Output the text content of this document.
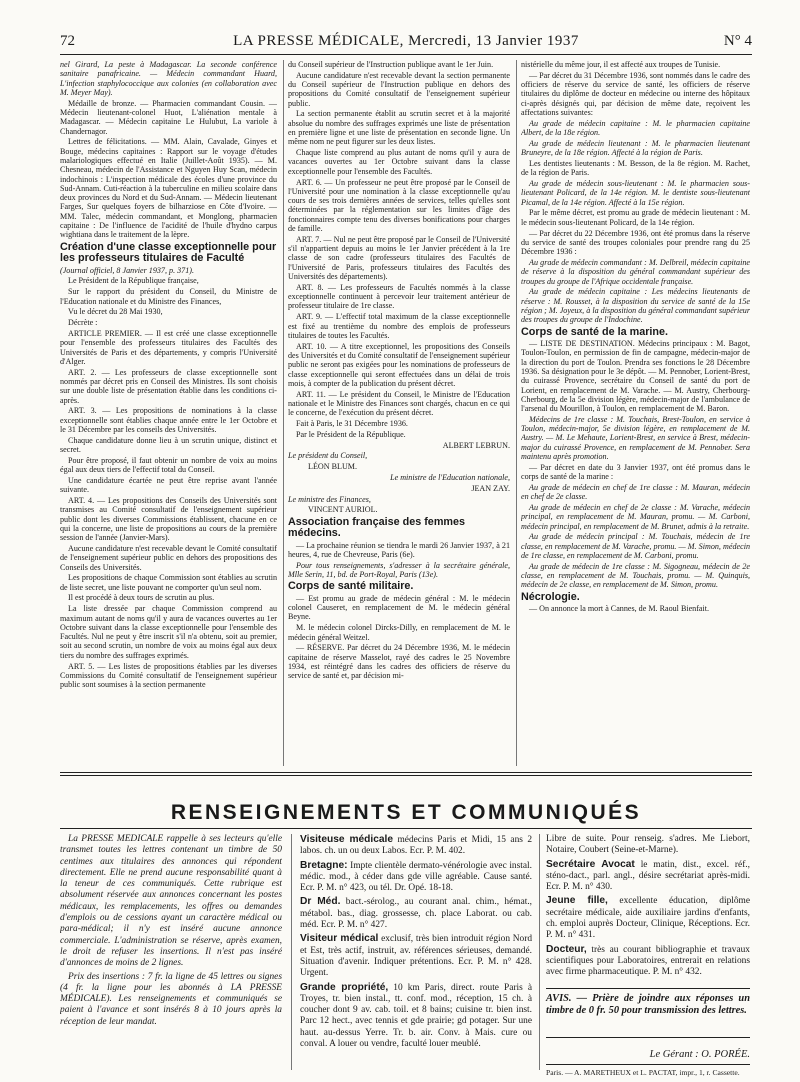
72	LA PRESSE MÉDICALE, Mercredi, 13 Janvier 1937	N° 4

nel Girard, La peste à Madagascar. La seconde conférence sanitaire panafricaine. — Médecin commandant Huard, L'infection staphylococcique aux colonies (en collaboration avec M. Meyer May).

Médaille de bronze. — Pharmacien commandant Cousin. — Médecin lieutenant-colonel Huot, L'aliénation mentale à Madagascar. — Médecin capitaine Le Hulubut, La variole à Chandernagor.

Lettres de félicitations. — MM. Alain, Cavalade, Ginyes et Bouge, médecins capitaines : Rapport sur le voyage d'études malariologiques effectué en Italie (Juillet-Août 1935). — M. Chesneau, médecin de l'Assistance et Nguyen Huy Scan, médecin indochinois : L'inspection médicale des écoles d'une province du Sud-Annam. Cuti-réaction à la tuberculine en milieu scolaire dans deux provinces du Nord et du Sud-Annam. — Médecin lieutenant Farges, Sur quelques foyers de bilharziose en Côte d'Ivoire. — MM. Talec, médecin commandant, et Monglong, pharmacien capitaine : De l'influence de l'acidité de l'huile d'hydno carpus wightiana dans le traitement de la lèpre.

Création d'une classe exceptionnelle pour les professeurs titulaires de Faculté

(Journal officiel, 8 Janvier 1937, p. 371).

Le Président de la République française,

Sur le rapport du président du Conseil, du Ministre de l'Education nationale et du Ministre des Finances,

Vu le décret du 28 Mai 1930,

Décrète :

ARTICLE PREMIER. — Il est créé une classe exceptionnelle pour l'ensemble des professeurs titulaires des Facultés des Universités de Paris et des départements, y compris l'Université d'Alger.

ART. 2. — Les professeurs de classe exceptionnelle sont nommés par décret pris en Conseil des Ministres. Ils sont choisis sur une double liste de présentation établie dans les conditions ci-après.

ART. 3. — Les propositions de nominations à la classe exceptionnelle sont établies chaque année entre le 1er Octobre et le 31 Décembre par les conseils des Universités.

Chaque candidature donne lieu à un scrutin unique, distinct et secret.

Pour être proposé, il faut obtenir un nombre de voix au moins égal aux deux tiers de l'effectif total du Conseil.

Une candidature écartée ne peut être reprise avant l'année suivante.

ART. 4. — Les propositions des Conseils des Universités sont transmises au Comité consultatif de l'enseignement supérieur public dont les diverses Commissions établissent, chacune en ce qui la concerne, une liste de propositions au cours de la première session de l'année (Janvier-Mars).

Aucune candidature n'est recevable devant le Comité consultatif de l'enseignement supérieur public en dehors des propositions des Conseils des Universités.

Les propositions de chaque Commission sont établies au scrutin de liste secret, une liste pouvant ne comporter qu'un seul nom.

Il est procédé à deux tours de scrutin au plus.

La liste dressée par chaque Commission comprend au maximum autant de noms qu'il y aura de vacances ouvertes au 1er Octobre suivant dans la classe exceptionnelle pour l'ensemble des Facultés. Nul ne peut y être inscrit s'il n'a obtenu, soit au premier, soit au second scrutin, un nombre de voix au moins égal aux deux tiers du nombre des suffrages exprimés.

ART. 5. — Les listes de propositions établies par les diverses Commissions du Comité consultatif de l'enseignement supérieur public sont soumises à la section permanente

du Conseil supérieur de l'Instruction publique avant le 1er Juin.

Aucune candidature n'est recevable devant la section permanente du Conseil supérieur de l'Instruction publique en dehors des propositions du Comité consultatif de l'enseignement supérieur public.

La section permanente établit au scrutin secret et à la majorité absolue du nombre des suffrages exprimés une liste de présentation en première ligne et une liste de présentation en seconde ligne. Un même nom ne peut figurer sur les deux listes.

Chaque liste comprend au plus autant de noms qu'il y aura de vacances ouvertes au 1er Octobre suivant dans la classe exceptionnelle pour l'ensemble des Facultés.

ART. 6. — Un professeur ne peut être proposé par le Conseil de l'Université pour une nomination à la classe exceptionnelle qu'au cours de ses trois dernières années de services, telles qu'elles sont déterminées par la réglementation sur les limites d'âge des fonctionnaires compte tenu des diverses bonifications pour charges de famille.

ART. 7. — Nul ne peut être proposé par le Conseil de l'Université s'il n'appartient depuis au moins le 1er Janvier précédent à la 1re classe de son cadre (professeurs titulaires des Facultés de l'Université de Paris, professeurs titulaires des Facultés des Universités des départements).

ART. 8. — Les professeurs de Facultés nommés à la classe exceptionnelle continuent à percevoir leur traitement antérieur de professeur titulaire de 1re classe.

ART. 9. — L'effectif total maximum de la classe exceptionnelle est fixé au trentième du nombre des emplois de professeurs titulaires de toutes les Facultés.

ART. 10. — A titre exceptionnel, les propositions des Conseils des Universités et du Comité consultatif de l'enseignement supérieur public ne seront pas exigées pour les nominations de professeurs de classe exceptionnelle qui seront effectuées dans un délai de trois mois, à compter de la publication du présent décret.

ART. 11. — Le président du Conseil, le Ministre de l'Education nationale et le Ministre des Finances sont chargés, chacun en ce qui le concerne, de l'exécution du présent décret.

Fait à Paris, le 31 Décembre 1936.

Par le Président de la République.

ALBERT LEBRUN.

Le président du Conseil,

LÉON BLUM.

Le ministre de l'Education nationale,

JEAN ZAY.

Le ministre des Finances,

VINCENT AURIOL.

Association française des femmes médecins.

— La prochaine réunion se tiendra le mardi 26 Janvier 1937, à 21 heures, 4, rue de Chevreuse, Paris (6e).

Pour tous renseignements, s'adresser à la secrétaire générale, Mlle Serin, 11, bd. de Port-Royal, Paris (13e).

Corps de santé militaire.

— Est promu au grade de médecin général : M. le médecin colonel Causeret, en remplacement de M. le médecin général Beyne.

M. le médecin colonel Dircks-Dilly, en remplacement de M. le médecin général Weitzel.

— RÉSERVE. Par décret du 24 Décembre 1936, M. le médecin capitaine de réserve Masselot, rayé des cadres le 25 Novembre 1934, est réintégré dans les cadres des officiers de réserve du service de santé et, par décision mi-

nistérielle du même jour, il est affecté aux troupes de Tunisie.

— Par décret du 31 Décembre 1936, sont nommés dans le cadre des officiers de réserve du service de santé, les officiers de réserve titulaires du diplôme de docteur en médecine ou interne des hôpitaux ci-après désignés qui, par décision de même date, reçoivent les affectations suivantes:

Au grade de médecin capitaine : M. le pharmacien capitaine Albert, de la 18e région.

Au grade de médecin lieutenant : M. le pharmacien lieutenant Bruneyre, de la 18e région. Affecté à la région de Paris.

Les dentistes lieutenants : M. Besson, de la 8e région. M. Rachet, de la région de Paris.

Au grade de médecin sous-lieutenant : M. le pharmacien sous-lieutenant Policard, de la 14e région. M. le dentiste sous-lieutenant Picamal, de la 14e région. Affecté à la 15e région.

Par le même décret, est promu au grade de médecin lieutenant : M. le médecin sous-lieutenant Policard, de la 14e région.

— Par décret du 22 Décembre 1936, ont été promus dans la réserve du service de santé des troupes coloniales pour prendre rang du 25 Décembre 1936 :

Au grade de médecin commandant : M. Delbreil, médecin capitaine de réserve à la disposition du général commandant supérieur des troupes du groupe de l'Afrique occidentale française.

Au grade de médecin capitaine : Les médecins lieutenants de réserve : M. Rousset, à la disposition du service de santé de la 15e région ; M. Joyeux, à la disposition du général commandant supérieur des troupes du groupe de l'Indochine.

Corps de santé de la marine.

— LISTE DE DESTINATION. Médecins principaux : M. Bagot, Toulon-Toulon, en permission de fin de campagne, médecin-major de la direction du port de Toulon. Prendra ses fonctions le 28 Décembre 1936. Sa désignation pour le 3e dépôt. — M. Pennober, Lorient-Brest, du cuirassé Provence, secrétaire du Conseil de santé du port de Lorient, en remplacement de M. Varache. — M. Austry, Cherbourg-Cherbourg, de la 5e division légère, médecin-major de l'ambulance de l'arsenal du Mourillon, à Toulon, en remplacement de M. Baron.

Médecins de 1re classe : M. Touchais, Brest-Toulon, en service à Toulon, médecin-major, 5e division légère, en remplacement de M. Austry. — M. Le Mehaute, Lorient-Brest, en service à Brest, médecin-major du cuirassé Provence, en remplacement de M. Pennober. Sera maintenu après promotion.

— Par décret en date du 3 Janvier 1937, ont été promus dans le corps de santé de la marine :

Au grade de médecin en chef de 1re classe : M. Mauran, médecin en chef de 2e classe.

Au grade de médecin en chef de 2e classe : M. Varache, médecin principal, en remplacement de M. Mauran, promu. — M. Carboni, médecin principal, en remplacement de M. Brunet, admis à la retraite.

Au grade de médecin principal : M. Touchais, médecin de 1re classe, en remplacement de M. Varache, promu. — M. Simon, médecin de 1re classe, en remplacement de M. Carboni, promu.

Au grade de médecin de 1re classe : M. Sigogneau, médecin de 2e classe, en remplacement de M. Touchais, promu. — M. Quinquis, médecin de 2e classe, en remplacement de M. Simon, promu.

Nécrologie.

— On annonce la mort à Cannes, de M. Raoul Bienfait.

RENSEIGNEMENTS ET COMMUNIQUÉS

La PRESSE MÉDICALE rappelle à ses lecteurs qu'elle transmet toutes les lettres contenant un timbre de 50 centimes aux titulaires des annonces qui répondent directement. Elle ne prend aucune responsabilité quant à la teneur de ces communiqués. Cette rubrique est absolument réservée aux annonces concernant les postes médicaux, les remplacements, les offres ou demandes d'emplois ou de cessions ayant un caractère médical ou para-médical; il n'y est inséré aucune annonce commerciale. L'administration se réserve, après examen, le droit de refuser les insertions. Il n'est pas inséré d'annonces de moins de 2 lignes.

Prix des insertions : 7 fr. la ligne de 45 lettres ou signes (4 fr. la ligne pour les abonnés à LA PRESSE MÉDICALE). Les renseignements et communiqués se paient à l'avance et sont insérés 8 à 10 jours après la réception de leur mandat.

Visiteuse médicale médecins Paris et Midi, 15 ans 2 labos. ch. un ou deux Labos. Ecr. P. M. 402.

Bretagne: Impte clientèle dermato-vénérologie avec instal. médic. mod., à céder dans gde ville agréable. Cause santé. Ecr. P. M. n° 423, ou tél. Dr. Opé. 18-18.

Dr Méd. bact.-sérolog., au courant anal. chim., hémat., métabol. bas., diag. grossesse, ch. place Laborat. ou cab. méd. Ecr. P. M. n° 427.

Visiteur médical exclusif, très bien introduit région Nord et Est, très actif, instruit, av. références sérieuses, demandé. Situation d'avenir. Indiquer prétentions. Ecr. P. M. n° 428. Urgent.

Grande propriété, 10 km Paris, direct. route Paris à Troyes, tr. bien instal., tt. conf. mod., réception, 15 ch. à coucher dont 9 av. cab. toil. et 8 bains; cuisine tr. bien inst. Parc 12 hect., avec tennis et gde prairie; gd potager. Sur une haut. au-dessus Yerre. Tr. b. air. Conv. à Mais. cure ou conval. A louer ou vendre, faculté louer meublé.

Libre de suite. Pour renseig. s'adres. Me Liebort, Notaire, Coubert (Seine-et-Marne).

Secrétaire Avocat le matin, dist., excel. réf., sténo-dact., parl. angl., désire secrétariat après-midi. Ecr. P. M. n° 430.

Jeune fille, excellente éducation, diplôme secrétaire médicale, aide auxiliaire jardins d'enfants, ch. emploi auprès Docteur, Clinique, Réceptions. Ecr. P. M. n° 431.

Docteur, très au courant bibliographie et travaux scientifiques pour Laboratoires, entrerait en relations avec firme pharmaceutique. P. M. n° 432.

AVIS. — Prière de joindre aux réponses un timbre de 0 fr. 50 pour transmission des lettres.
Le Gérant : O. PORÉE.
Paris. — A. MARETHEUX et L. PACTAT, impr., 1, r. Cassette.
